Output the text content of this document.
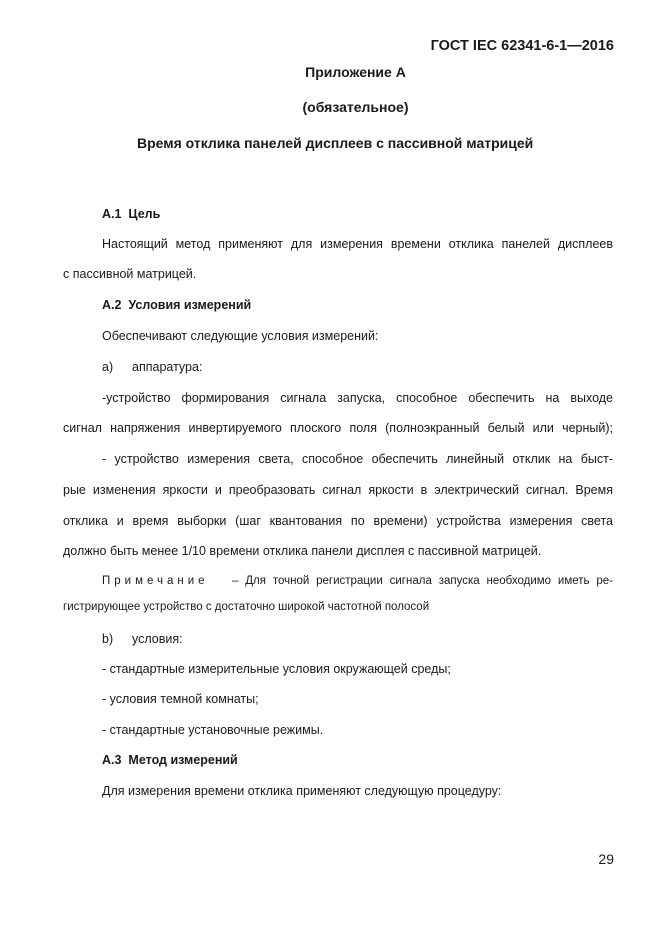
ГОСТ IEC 62341-6-1—2016
Приложение А
(обязательное)
Время отклика панелей дисплеев с пассивной матрицей
А.1 Цель
Настоящий метод применяют для измерения времени отклика панелей дисплеев
с пассивной матрицей.
А.2 Условия измерений
Обеспечивают следующие условия измерений:
a) аппаратура:
-устройство формирования сигнала запуска, способное обеспечить на выходе
сигнал напряжения инвертируемого плоского поля (полноэкранный белый или черный);
- устройство измерения света, способное обеспечить линейный отклик на быст-
рые изменения яркости и преобразовать сигнал яркости в электрический сигнал. Время
отклика и время выборки (шаг квантования по времени) устройства измерения света
должно быть менее 1/10 времени отклика панели дисплея с пассивной матрицей.
Примечание – Для точной регистрации сигнала запуска необходимо иметь ре-
гистрирующее устройство с достаточно широкой частотной полосой
b) условия:
- стандартные измерительные условия окружающей среды;
- условия темной комнаты;
- стандартные установочные режимы.
А.3 Метод измерений
Для измерения времени отклика применяют следующую процедуру:
29
